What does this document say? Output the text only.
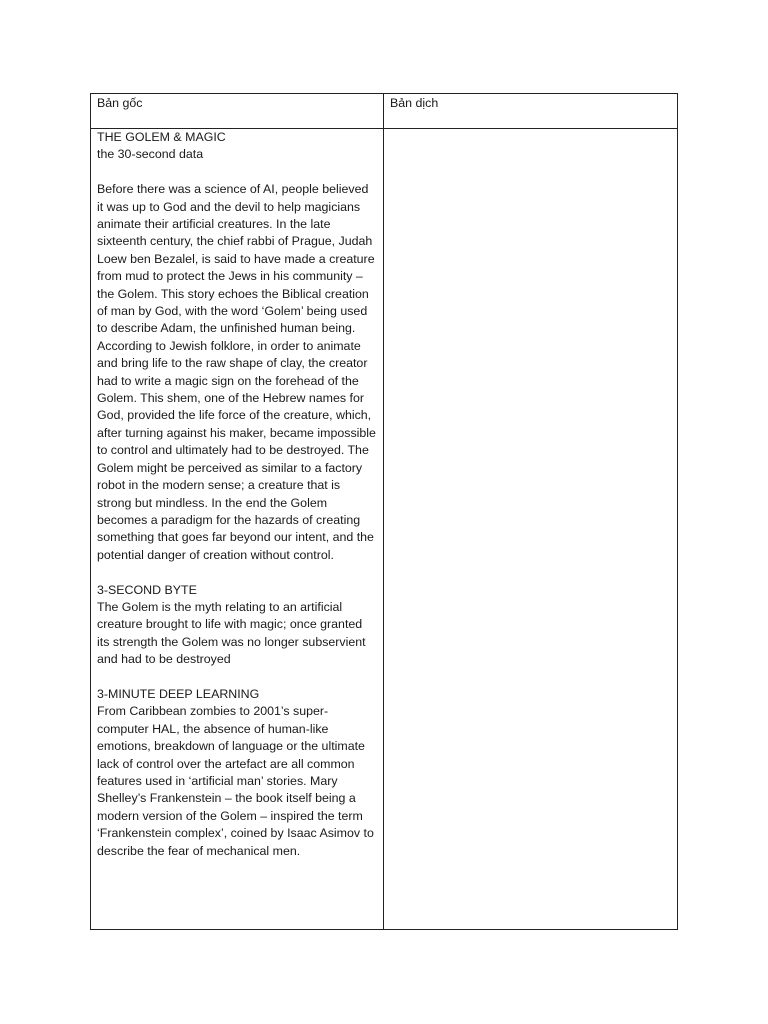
Bản gốc	Bản dịch

THE GOLEM & MAGIC

the 30-second data

Before there was a science of AI, people believed it was up to God and the devil to help magicians animate their artificial creatures. In the late sixteenth century, the chief rabbi of Prague, Judah Loew ben Bezalel, is said to have made a creature from mud to protect the Jews in his community – the Golem. This story echoes the Biblical creation of man by God, with the word ‘Golem’ being used to describe Adam, the unfinished human being. According to Jewish folklore, in order to animate and bring life to the raw shape of clay, the creator had to write a magic sign on the forehead of the Golem. This shem, one of the Hebrew names for God, provided the life force of the creature, which, after turning against his maker, became impossible to control and ultimately had to be destroyed. The Golem might be perceived as similar to a factory robot in the modern sense; a creature that is strong but mindless. In the end the Golem becomes a paradigm for the hazards of creating something that goes far beyond our intent, and the potential danger of creation without control.

3-SECOND BYTE

The Golem is the myth relating to an artificial creature brought to life with magic; once granted its strength the Golem was no longer subservient and had to be destroyed

3-MINUTE DEEP LEARNING

From Caribbean zombies to 2001’s super-computer HAL, the absence of human-like emotions, breakdown of language or the ultimate lack of control over the artefact are all common features used in ‘artificial man’ stories. Mary Shelley’s Frankenstein – the book itself being a modern version of the Golem – inspired the term ‘Frankenstein complex’, coined by Isaac Asimov to describe the fear of mechanical men.
